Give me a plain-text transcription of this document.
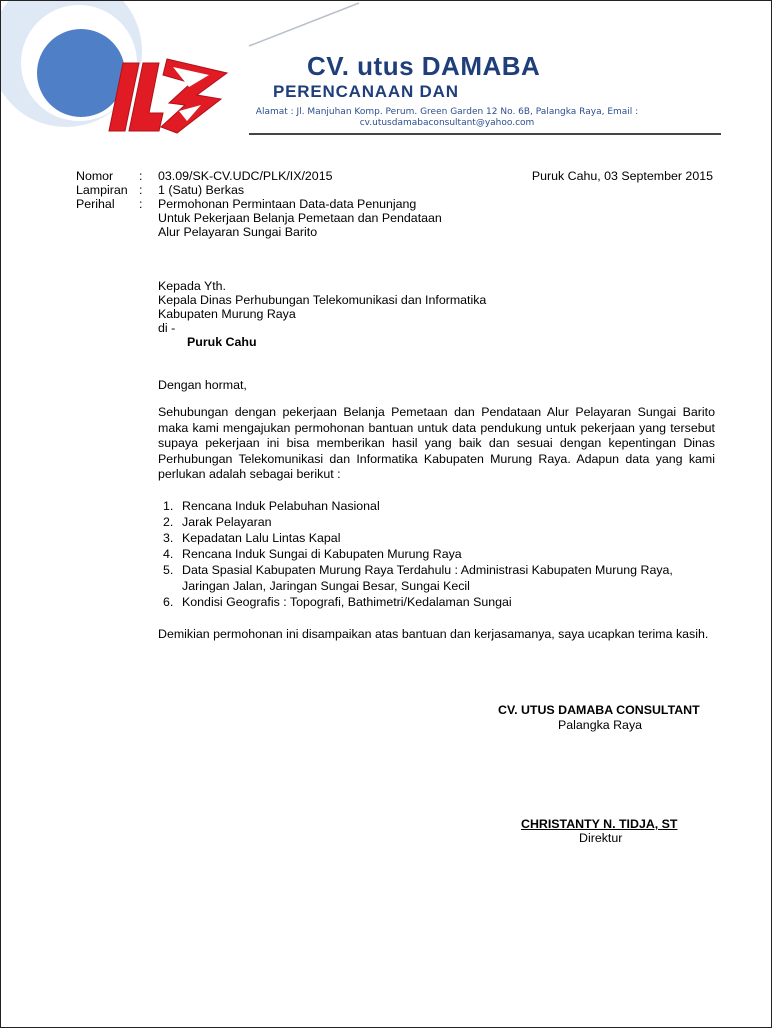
CV. utus DAMABA
PERENCANAAN DAN
Alamat : Jl. Manjuhan Komp. Perum. Green Garden 12 No. 6B, Palangka Raya, Email :
cv.utusdamabaconsultant@yahoo.com
Nomor : 03.09/SK-CV.UDC/PLK/IX/2015	Puruk Cahu, 03 September 2015
Lampiran : 1 (Satu) Berkas
Perihal : Permohonan Permintaan Data-data Penunjang
Untuk Pekerjaan Belanja Pemetaan dan Pendataan
Alur Pelayaran Sungai Barito
Kepada Yth.
Kepala Dinas Perhubungan Telekomunikasi dan Informatika
Kabupaten Murung Raya
di -
Puruk Cahu
Dengan hormat,
Sehubungan dengan pekerjaan Belanja Pemetaan dan Pendataan Alur Pelayaran Sungai Barito maka kami mengajukan permohonan bantuan untuk data pendukung untuk pekerjaan yang tersebut supaya pekerjaan ini bisa memberikan hasil yang baik dan sesuai dengan kepentingan Dinas Perhubungan Telekomunikasi dan Informatika Kabupaten Murung Raya. Adapun data yang kami perlukan adalah sebagai berikut :
1. Rencana Induk Pelabuhan Nasional
2. Jarak Pelayaran
3. Kepadatan Lalu Lintas Kapal
4. Rencana Induk Sungai di Kabupaten Murung Raya
5. Data Spasial Kabupaten Murung Raya Terdahulu : Administrasi Kabupaten Murung Raya, Jaringan Jalan, Jaringan Sungai Besar, Sungai Kecil
6. Kondisi Geografis : Topografi, Bathimetri/Kedalaman Sungai
Demikian permohonan ini disampaikan atas bantuan dan kerjasamanya, saya ucapkan terima kasih.
CV. UTUS DAMABA CONSULTANT
Palangka Raya
CHRISTANTY N. TIDJA, ST
Direktur
